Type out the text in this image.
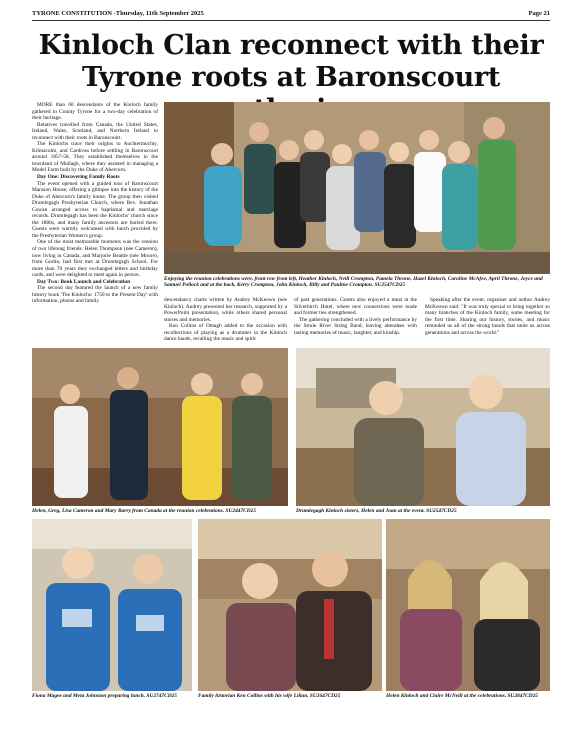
TYRONE CONSTITUTION -Thursday, 11th September 2025	Page 21
Kinloch Clan reconnect with their
Tyrone roots at Baronscourt

MORE than 60 descendants of the Kinloch family gathered in County Tyrone for a two-day celebration of their heritage.

Relatives travelled from Canada, the United States, Ireland, Wales, Scotland, and Northern Ireland to reconnect with their roots in Baronscourt.

The Kinlochs trace their origins to Auchtermuchty, Kilmaculm, and Cardross before settling in Baronscourt around 1857-58. They established themselves in the townland of Mullagh, where they assisted in managing a Model Farm built by the Duke of Abercorn.

Day One: Discovering Family Roots

The event opened with a guided tour of Baronscourt Mansion House, offering a glimpse into the history of the Duke of Abercorn's family home. The group then visited Drumlegagh Presbyterian Church, where Rev. Jonathan Cowan arranged access to baptismal and marriage records. Drumlegagh has been the Kinlochs' church since the 1880s, and many family ancestors are buried there. Guests were warmly welcomed with lunch provided by the Presbyterian Women's group.

One of the most memorable moments was the reunion of two lifelong friends. Helen Thompson (née Cameron), now living in Canada, and Marjorie Beattie (née Moore), from Gortin, had first met at Drumlegagh School. For more than 70 years they exchanged letters and birthday cards, and were delighted to meet again in person.

Day Two: Book Launch and Celebration

The second day featured the launch of a new family history book 'The Kinlochs: 1750 to the Present Day' with information, photos and family

Enjoying the reunion celebrations were, front row from left, Heather Kinloch, Neill Crompton, Pamela Throne, Hazel Kinloch, Caroline McAfee, April Throne, Joyce and Samuel Pollock and at the back, Kerry Crompton, John Kinloch, Billy and Pauline Crompton. SU2547CD25

descendancy charts written by Audrey McKeown (née Kinloch). Audrey presented her research, supported by a PowerPoint presentation, while others shared personal stories and memories.

Ken Collins of Omagh added to the occasion with recollections of playing as a drummer in the Kinloch dance bands, recalling the music and spirit

of past generations. Guests also enjoyed a meal at the Silverbirch Hotel, where new connections were made and former ties strengthened.

The gathering concluded with a lively performance by the Strule River String Band, leaving attendees with lasting memories of music, laughter, and kinship.

Speaking after the event, organiser and author Audrey McKeown said: "It was truly special to bring together so many branches of the Kinloch family, some meeting for the first time. Sharing our history, stories, and music reminded us all of the strong bonds that unite us across generations and across the world."

Helen, Greg, Lisa Cameron and Mary Barry from Canada at the reunion celebrations. SU2447CD25	Drumlegagh Kinloch sisters, Helen and Joan at the event. SU2547CD25
Fiona Magee and Meta Johnston preparing lunch. SU2747CD25	Family historian Ken Collins with his wife Lilian. SU2647CD25	Helen Kinloch and Claire McNeill at the celebrations. SU2847CD25
